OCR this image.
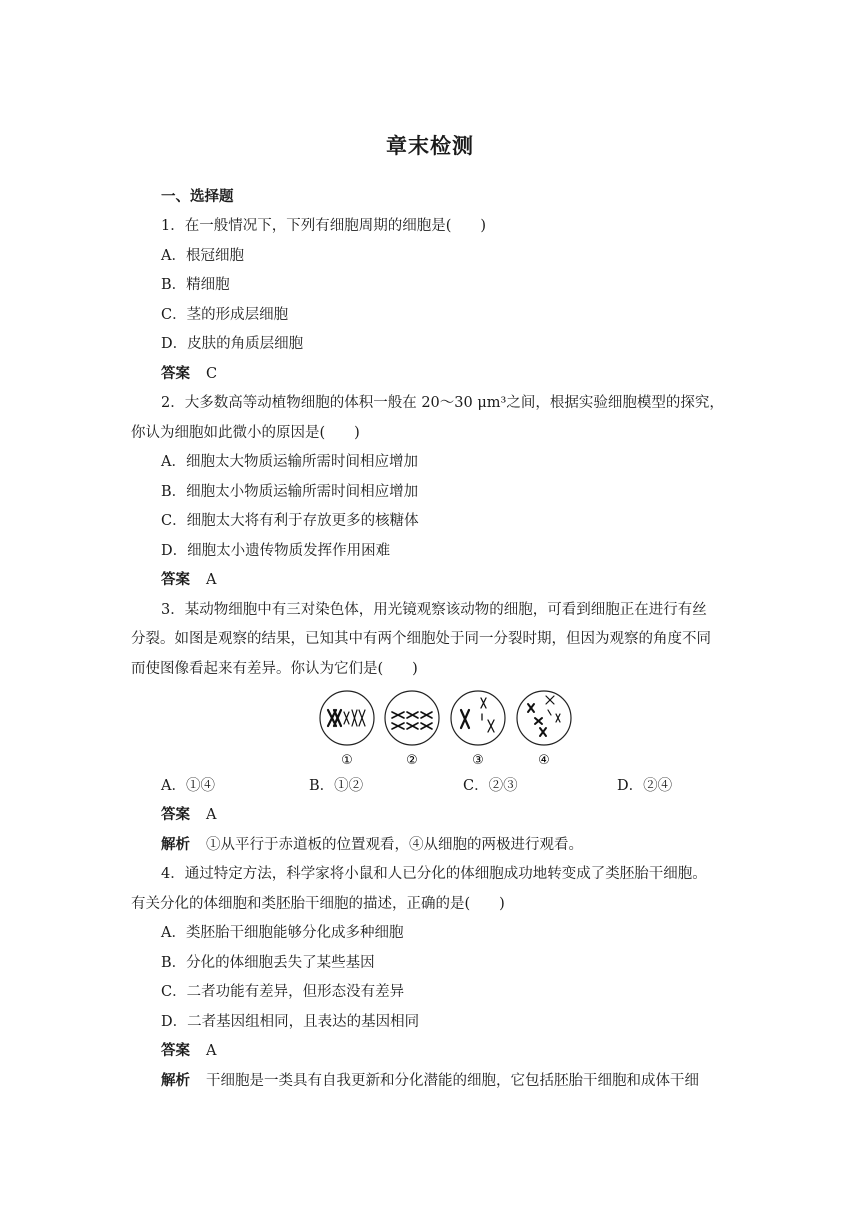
章末检测
一、选择题
1．在一般情况下，下列有细胞周期的细胞是(　　)
A．根冠细胞
B．精细胞
C．茎的形成层细胞
D．皮肤的角质层细胞
答案 C
2．大多数高等动植物细胞的体积一般在 20～30 μm³之间，根据实验细胞模型的探究，
你认为细胞如此微小的原因是(　　)
A．细胞太大物质运输所需时间相应增加
B．细胞太小物质运输所需时间相应增加
C．细胞太大将有利于存放更多的核糖体
D．细胞太小遗传物质发挥作用困难
答案 A
3．某动物细胞中有三对染色体，用光镜观察该动物的细胞，可看到细胞正在进行有丝
分裂。如图是观察的结果，已知其中有两个细胞处于同一分裂时期，但因为观察的角度不同
而使图像看起来有差异。你认为它们是(　　)
①	②	③	④
A．①④	B．①②	C．②③	D．②④
答案 A
解析 ①从平行于赤道板的位置观看，④从细胞的两极进行观看。
4．通过特定方法，科学家将小鼠和人已分化的体细胞成功地转变成了类胚胎干细胞。
有关分化的体细胞和类胚胎干细胞的描述，正确的是(　　)
A．类胚胎干细胞能够分化成多种细胞
B．分化的体细胞丢失了某些基因
C．二者功能有差异，但形态没有差异
D．二者基因组相同，且表达的基因相同
答案 A
解析 干细胞是一类具有自我更新和分化潜能的细胞，它包括胚胎干细胞和成体干细
